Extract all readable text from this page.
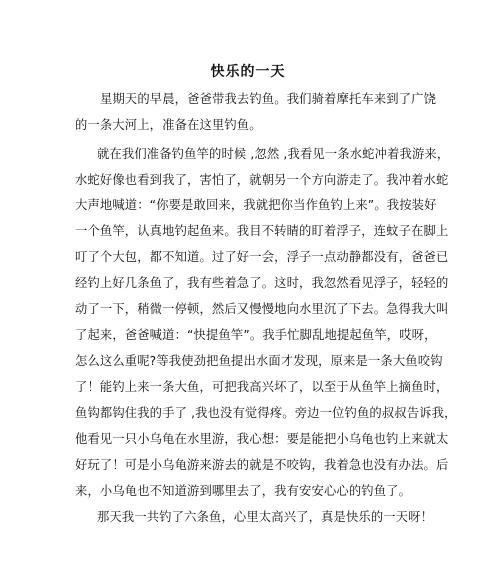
快乐的一天
星期天的早晨，爸爸带我去钓鱼。我们骑着摩托车来到了广饶
的一条大河上，准备在这里钓鱼。
就在我们准备钓鱼竿的时候 ,忽然 ,我看见一条水蛇冲着我游来，
水蛇好像也看到我了，害怕了，就朝另一个方向游走了。我冲着水蛇
大声地喊道：“你要是敢回来，我就把你当作鱼钓上来”。我按装好
一个鱼竿，认真地钓起鱼来。我目不转睛的盯着浮子，连蚊子在脚上
叮了个大包，都不知道。过了好一会，浮子一点动静都没有，爸爸已
经钓上好几条鱼了，我有些着急了。这时，我忽然看见浮子，轻轻的
动了一下，稍微一停顿，然后又慢慢地向水里沉了下去。急得我大叫
了起来，爸爸喊道：“快提鱼竿”。我手忙脚乱地提起鱼竿，哎呀，
怎么这么重呢?等我使劲把鱼提出水面才发现，原来是一条大鱼咬钩
了！能钓上来一条大鱼，可把我高兴坏了，以至于从鱼竿上摘鱼时，
鱼钩都钩住我的手了 ,我也没有觉得疼。旁边一位钓鱼的叔叔告诉我，
他看见一只小乌龟在水里游，我心想：要是能把小乌龟也钓上来就太
好玩了！可是小乌龟游来游去的就是不咬钩，我着急也没有办法。后
来，小乌龟也不知道游到哪里去了，我有安安心心的钓鱼了。
那天我一共钓了六条鱼，心里太高兴了，真是快乐的一天呀！
